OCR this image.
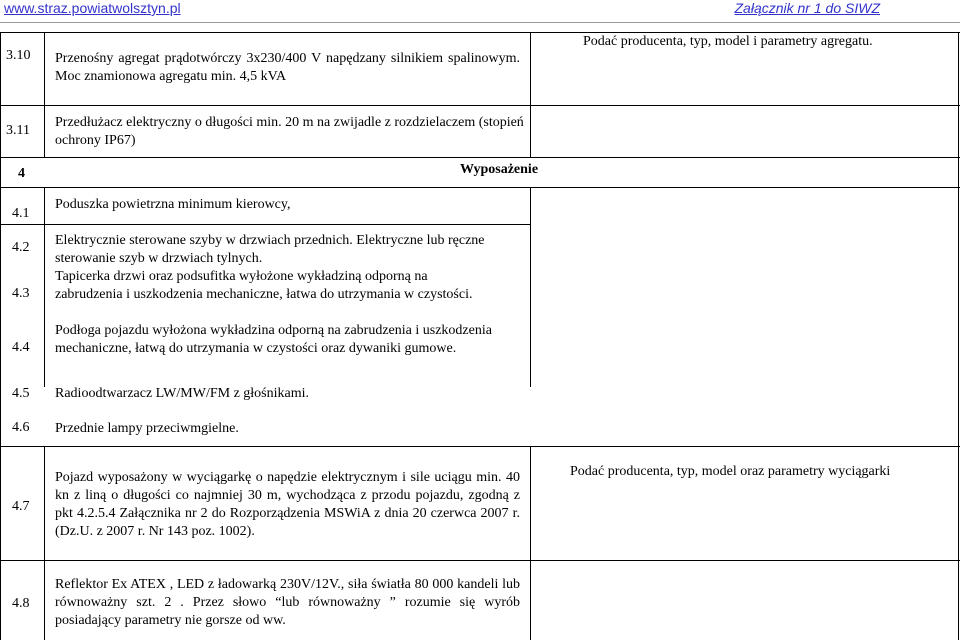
www.straz.powiatwolsztyn.pl	Załącznik nr 1 do SIWZ
3.10 Przenośny agregat prądotwórczy 3x230/400 V napędzany silnikiem spalinowym. Moc znamionowa agregatu min. 4,5 kVA
Podać producenta, typ, model i parametry agregatu.
3.11
Przedłużacz elektryczny o długości min. 20 m na zwijadle z rozdzielaczem (stopień ochrony IP67)
4	Wyposażenie
4.1
Poduszka powietrzna minimum kierowcy,
4.2 Elektrycznie sterowane szyby w drzwiach przednich. Elektryczne lub ręczne sterowanie szyb w drzwiach tylnych.
4.3
Tapicerka drzwi oraz podsufitka wyłożone wykładziną odporną na zabrudzenia i uszkodzenia mechaniczne, łatwa do utrzymania w czystości.
4.4
Podłoga pojazdu wyłożona wykładzina odporną na zabrudzenia i uszkodzenia mechaniczne, łatwą do utrzymania w czystości oraz dywaniki gumowe.
4.5 Radioodtwarzacz LW/MW/FM z głośnikami.
4.6 Przednie lampy przeciwmgielne.
4.7
Pojazd wyposażony w wyciągarkę o napędzie elektrycznym i sile uciągu min. 40 kn z liną o długości co najmniej 30 m, wychodząca z przodu pojazdu, zgodną z pkt 4.2.5.4 Załącznika nr 2 do Rozporządzenia MSWiA z dnia 20 czerwca 2007 r. (Dz.U. z 2007 r. Nr 143 poz. 1002).
Podać producenta, typ, model oraz parametry wyciągarki
4.8
Reflektor Ex ATEX , LED z ładowarką 230V/12V., siła światła 80 000 kandeli lub równoważny szt. 2 . Przez słowo “lub równoważny ” rozumie się wyrób posiadający parametry nie gorsze od ww.
